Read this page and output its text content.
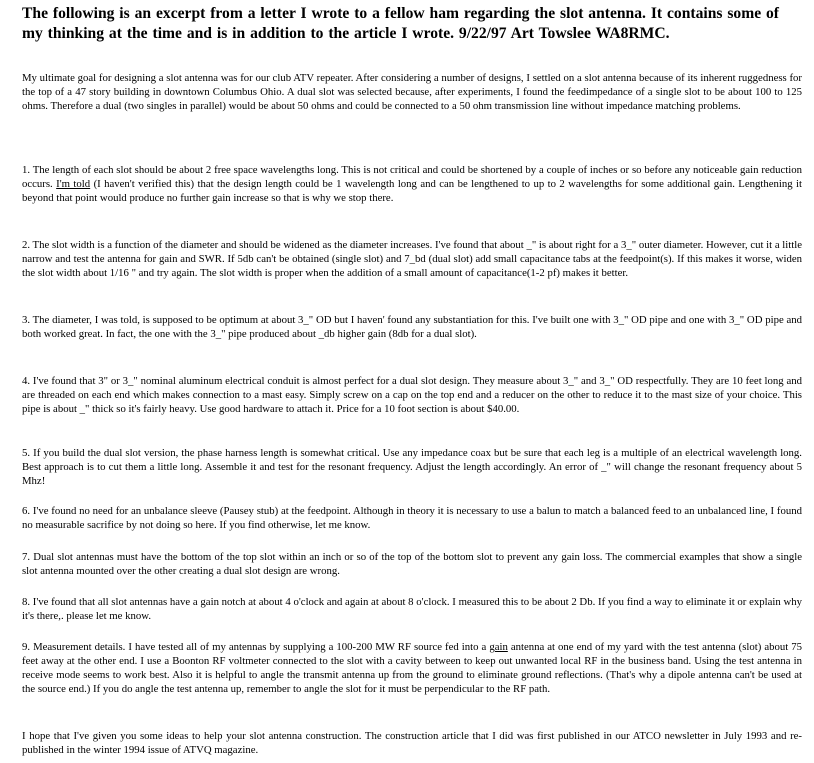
The following is an excerpt from a letter I wrote to a fellow ham regarding the slot antenna. It contains some of my thinking at the time and is in addition to the article I wrote. 9/22/97 Art Towslee WA8RMC.
My ultimate goal for designing a slot antenna was for our club ATV repeater. After considering a number of designs, I settled on a slot antenna because of its inherent ruggedness for the top of a 47 story building in downtown Columbus Ohio. A dual slot was selected because, after experiments, I found the feedimpedance of a single slot to be about 100 to 125 ohms. Therefore a dual (two singles in parallel) would be about 50 ohms and could be connected to a 50 ohm transmission line without impedance matching problems.
1. The length of each slot should be about 2 free space wavelengths long. This is not critical and could be shortened by a couple of inches or so before any noticeable gain reduction occurs. I'm told (I haven't verified this) that the design length could be 1 wavelength long and can be lengthened to up to 2 wavelengths for some additional gain. Lengthening it beyond that point would produce no further gain increase so that is why we stop there.
2. The slot width is a function of the diameter and should be widened as the diameter increases. I've found that about _" is about right for a 3_" outer diameter. However, cut it a little narrow and test the antenna for gain and SWR. If 5db can't be obtained (single slot) and 7_bd (dual slot) add small capacitance tabs at the feedpoint(s). If this makes it worse, widen the slot width about 1/16 " and try again. The slot width is proper when the addition of a small amount of capacitance(1-2 pf) makes it better.
3. The diameter, I was told, is supposed to be optimum at about 3_" OD but I haven' found any substantiation for this. I've built one with 3_" OD pipe and one with 3_" OD pipe and both worked great. In fact, the one with the 3_" pipe produced about _db higher gain (8db for a dual slot).
4. I've found that 3" or 3_" nominal aluminum electrical conduit is almost perfect for a dual slot design. They measure about 3_" and 3_" OD respectfully. They are 10 feet long and are threaded on each end which makes connection to a mast easy. Simply screw on a cap on the top end and a reducer on the other to reduce it to the mast size of your choice. This pipe is about _" thick so it's fairly heavy. Use good hardware to attach it. Price for a 10 foot section is about $40.00.
5. If you build the dual slot version, the phase harness length is somewhat critical. Use any impedance coax but be sure that each leg is a multiple of an electrical wavelength long. Best approach is to cut them a little long. Assemble it and test for the resonant frequency. Adjust the length accordingly. An error of _" will change the resonant frequency about 5 Mhz!
6. I've found no need for an unbalance sleeve (Pausey stub) at the feedpoint. Although in theory it is necessary to use a balun to match a balanced feed to an unbalanced line, I found no measurable sacrifice by not doing so here. If you find otherwise, let me know.
7. Dual slot antennas must have the bottom of the top slot within an inch or so of the top of the bottom slot to prevent any gain loss. The commercial examples that show a single slot antenna mounted over the other creating a dual slot design are wrong.
8. I've found that all slot antennas have a gain notch at about 4 o'clock and again at about 8 o'clock. I measured this to be about 2 Db. If you find a way to eliminate it or explain why it's there,. please let me know.
9. Measurement details. I have tested all of my antennas by supplying a 100-200 MW RF source fed into a gain antenna at one end of my yard with the test antenna (slot) about 75 feet away at the other end. I use a Boonton RF voltmeter connected to the slot with a cavity between to keep out unwanted local RF in the business band. Using the test antenna in receive mode seems to work best. Also it is helpful to angle the transmit antenna up from the ground to eliminate ground reflections. (That's why a dipole antenna can't be used at the source end.) If you do angle the test antenna up, remember to angle the slot for it must be perpendicular to the RF path.
I hope that I've given you some ideas to help your slot antenna construction. The construction article that I did was first published in our ATCO newsletter in July 1993 and re-published in the winter 1994 issue of ATVQ magazine.
